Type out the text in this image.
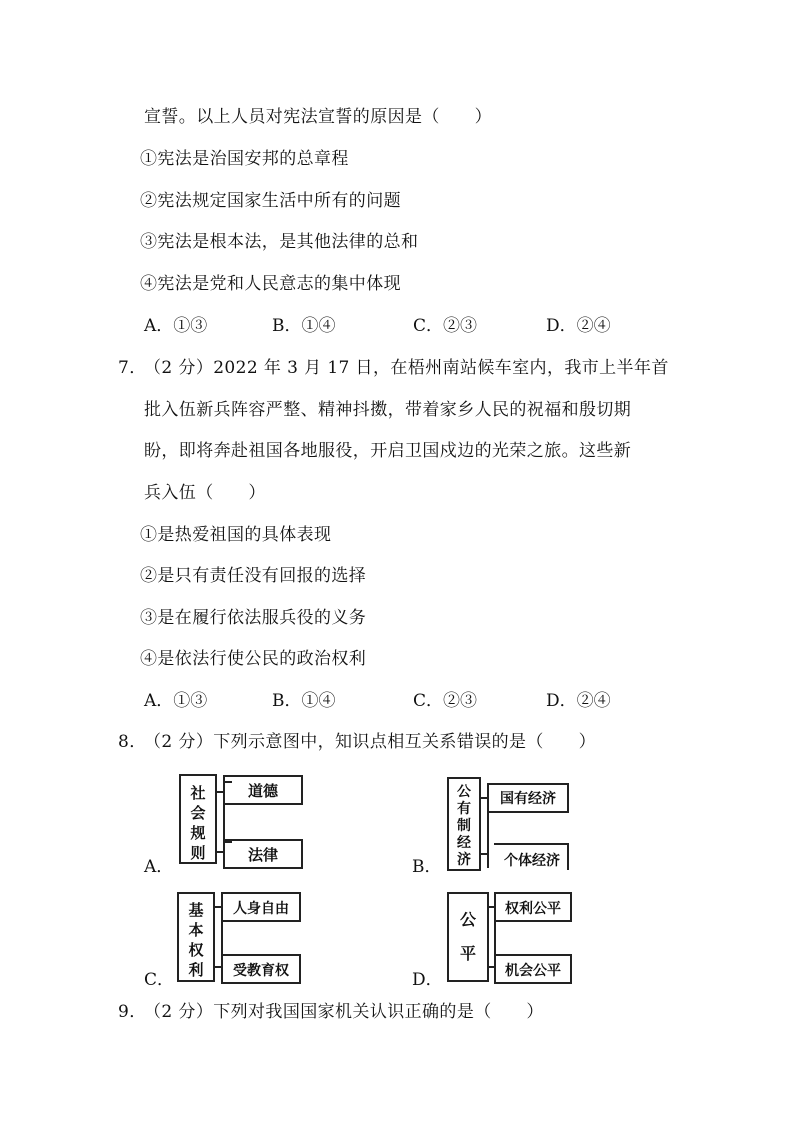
宣誓。以上人员对宪法宣誓的原因是（　　）
①宪法是治国安邦的总章程
②宪法规定国家生活中所有的问题
③宪法是根本法，是其他法律的总和
④宪法是党和人民意志的集中体现
A．①③	B．①④	C．②③	D．②④
7．
（2 分）2022 年 3 月 17 日，在梧州南站候车室内，我市上半年首
批入伍新兵阵容严整、精神抖擞，带着家乡人民的祝福和殷切期
盼，即将奔赴祖国各地服役，开启卫国戍边的光荣之旅。这些新
兵入伍（　　）
①是热爱祖国的具体表现
②是只有责任没有回报的选择
③是在履行依法服兵役的义务
④是依法行使公民的政治权利
A．①③	B．①④	C．②③	D．②④
8．
（2 分）下列示意图中，知识点相互关系错误的是（　　）
A．
社
会
规
则
道德
法律
B．
公
有
制
经
济
国有经济
个体经济
C．
基
本
权
利
人身自由
受教育权	D．
公
平
权利公平
机会公平
9．
（2 分）下列对我国国家机关认识正确的是（　　）
